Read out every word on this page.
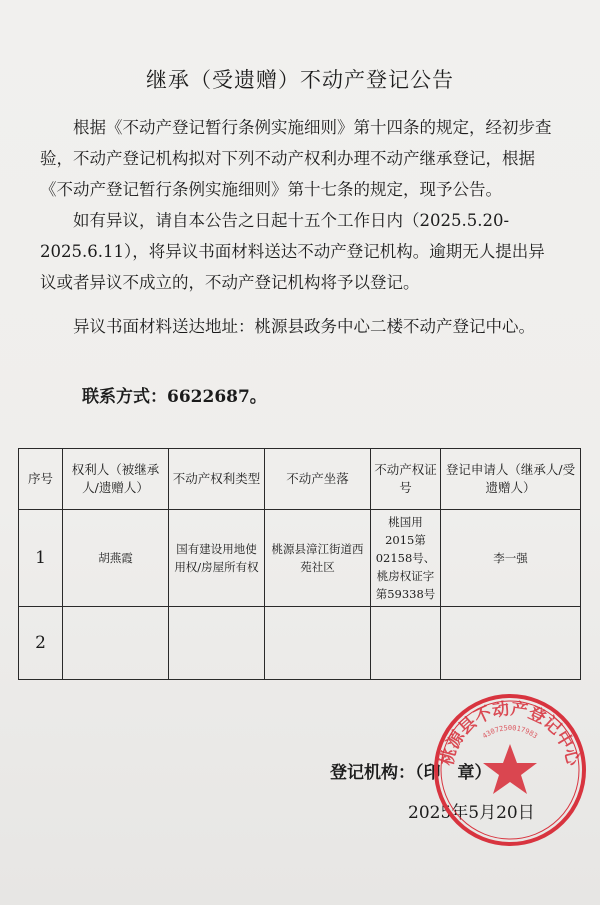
继承（受遗赠）不动产登记公告

根据《不动产登记暂行条例实施细则》第十四条的规定，经初步查验，不动产登记机构拟对下列不动产权利办理不动产继承登记，根据《不动产登记暂行条例实施细则》第十七条的规定，现予公告。

如有异议，请自本公告之日起十五个工作日内（2025.5.20-2025.6.11），将异议书面材料送达不动产登记机构。逾期无人提出异议或者异议不成立的，不动产登记机构将予以登记。

异议书面材料送达地址：桃源县政务中心二楼不动产登记中心。

联系方式：6622687。
序号	权利人（被继承人/遗赠人）	不动产权利类型	不动产坐落	不动产权证号	登记申请人（继承人/受遗赠人）
1	胡燕霞	国有建设用地使用权/房屋所有权	桃源县漳江街道西苑社区	桃国用2015第02158号、桃房权证字第59338号	李一强
2					
2025年5月20日
登记机构：（印　章）
桃源县不动产登记中心
4307250017983
